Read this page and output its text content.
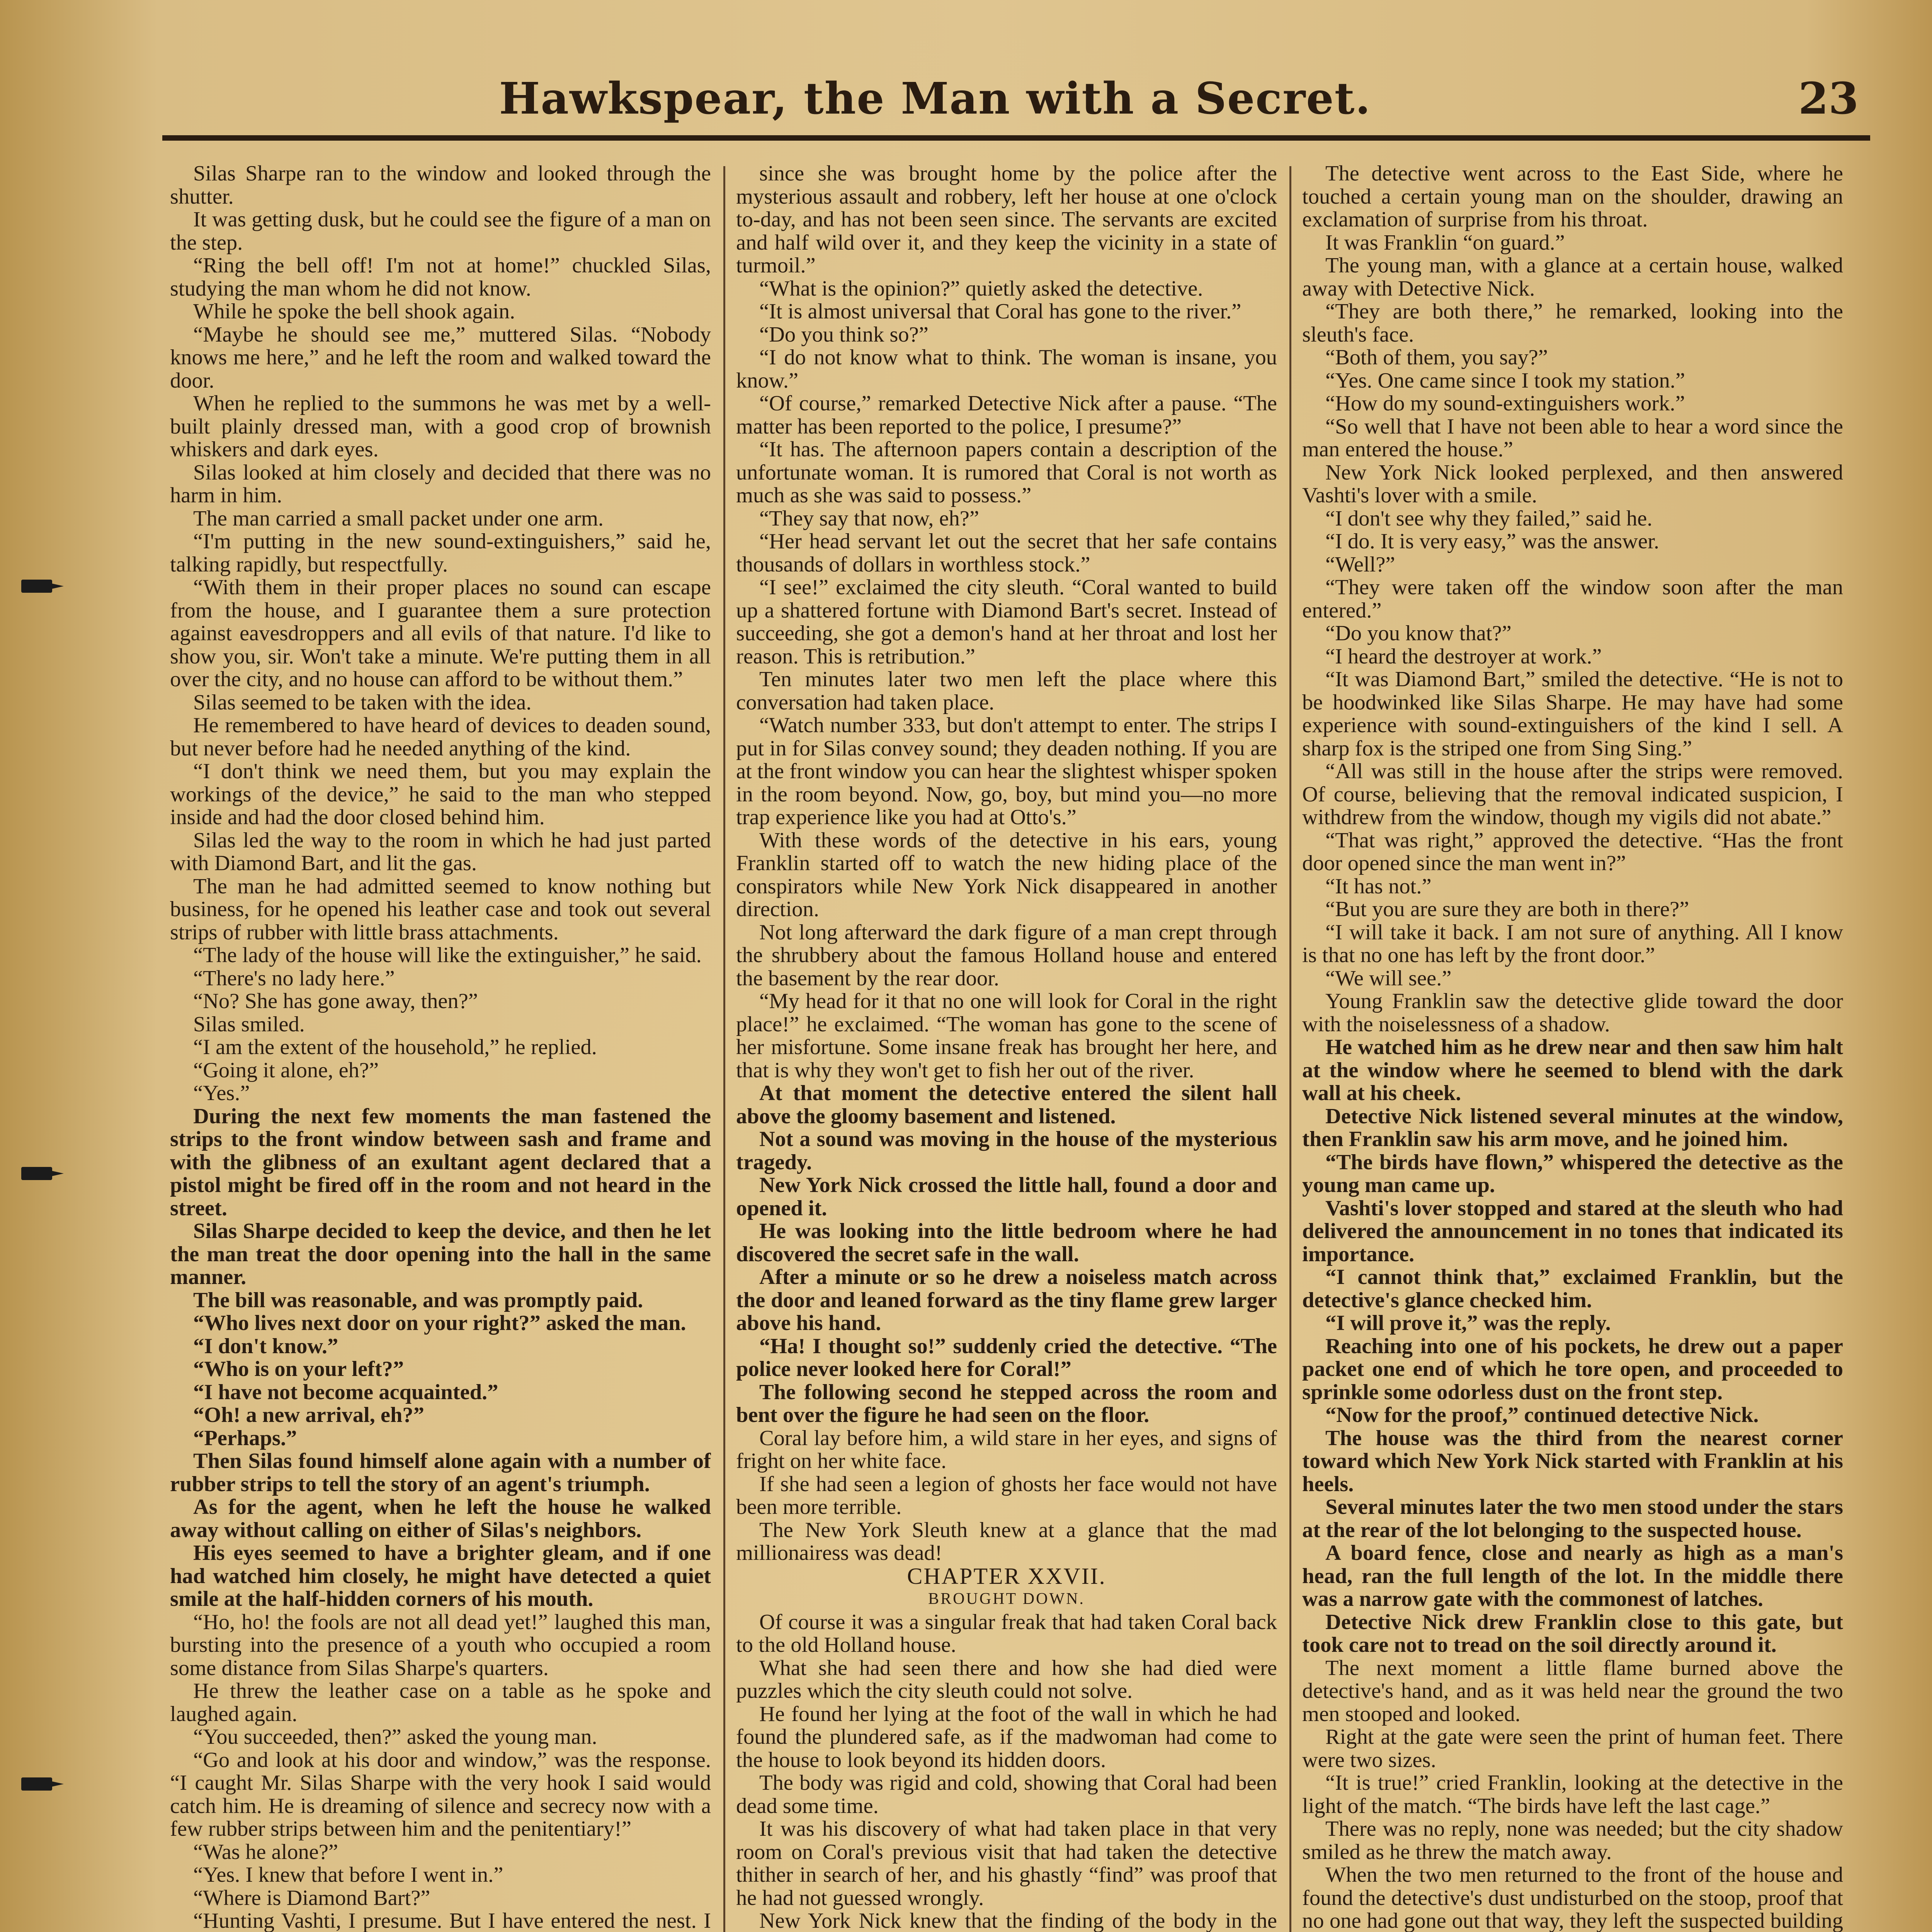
Hawkspear, the Man with a Secret.	23

Silas Sharpe ran to the window and looked through the shutter.

It was getting dusk, but he could see the figure of a man on the step.

“Ring the bell off! I'm not at home!” chuckled Silas, studying the man whom he did not know.

While he spoke the bell shook again.

“Maybe he should see me,” muttered Silas. “Nobody knows me here,” and he left the room and walked toward the door.

When he replied to the summons he was met by a well-built plainly dressed man, with a good crop of brownish whiskers and dark eyes.

Silas looked at him closely and decided that there was no harm in him.

The man carried a small packet under one arm.

“I'm putting in the new sound-extinguishers,” said he, talking rapidly, but respectfully.

“With them in their proper places no sound can escape from the house, and I guarantee them a sure protection against eavesdroppers and all evils of that nature. I'd like to show you, sir. Won't take a minute. We're putting them in all over the city, and no house can afford to be without them.”

Silas seemed to be taken with the idea.

He remembered to have heard of devices to deaden sound, but never before had he needed anything of the kind.

“I don't think we need them, but you may explain the workings of the device,” he said to the man who stepped inside and had the door closed behind him.

Silas led the way to the room in which he had just parted with Diamond Bart, and lit the gas.

The man he had admitted seemed to know nothing but business, for he opened his leather case and took out several strips of rubber with little brass attachments.

“The lady of the house will like the extinguisher,” he said.

“There's no lady here.”

“No? She has gone away, then?”

Silas smiled.

“I am the extent of the household,” he replied.

“Going it alone, eh?”

“Yes.”

During the next few moments the man fastened the strips to the front window between sash and frame and with the glibness of an exultant agent declared that a pistol might be fired off in the room and not heard in the street.

Silas Sharpe decided to keep the device, and then he let the man treat the door opening into the hall in the same manner.

The bill was reasonable, and was promptly paid.

“Who lives next door on your right?” asked the man.

“I don't know.”

“Who is on your left?”

“I have not become acquainted.”

“Oh! a new arrival, eh?”

“Perhaps.”

Then Silas found himself alone again with a number of rubber strips to tell the story of an agent's triumph.

As for the agent, when he left the house he walked away without calling on either of Silas's neighbors.

His eyes seemed to have a brighter gleam, and if one had watched him closely, he might have detected a quiet smile at the half-hidden corners of his mouth.

“Ho, ho! the fools are not all dead yet!” laughed this man, bursting into the presence of a youth who occupied a room some distance from Silas Sharpe's quarters.

He threw the leather case on a table as he spoke and laughed again.

“You succeeded, then?” asked the young man.

“Go and look at his door and window,” was the response. “I caught Mr. Silas Sharpe with the very hook I said would catch him. He is dreaming of silence and secrecy now with a few rubber strips between him and the penitentiary!”

“Was he alone?”

“Yes. I knew that before I went in.”

“Where is Diamond Bart?”

“Hunting Vashti, I presume. But I have entered the nest. I

since she was brought home by the police after the mysterious assault and robbery, left her house at one o'clock to-day, and has not been seen since. The servants are excited and half wild over it, and they keep the vicinity in a state of turmoil.”

“What is the opinion?” quietly asked the detective.

“It is almost universal that Coral has gone to the river.”

“Do you think so?”

“I do not know what to think. The woman is insane, you know.”

“Of course,” remarked Detective Nick after a pause. “The matter has been reported to the police, I presume?”

“It has. The afternoon papers contain a description of the unfortunate woman. It is rumored that Coral is not worth as much as she was said to possess.”

“They say that now, eh?”

“Her head servant let out the secret that her safe contains thousands of dollars in worthless stock.”

“I see!” exclaimed the city sleuth. “Coral wanted to build up a shattered fortune with Diamond Bart's secret. Instead of succeeding, she got a demon's hand at her throat and lost her reason. This is retribution.”

Ten minutes later two men left the place where this conversation had taken place.

“Watch number 333, but don't attempt to enter. The strips I put in for Silas convey sound; they deaden nothing. If you are at the front window you can hear the slightest whisper spoken in the room beyond. Now, go, boy, but mind you—no more trap experience like you had at Otto's.”

With these words of the detective in his ears, young Franklin started off to watch the new hiding place of the conspirators while New York Nick disappeared in another direction.

Not long afterward the dark figure of a man crept through the shrubbery about the famous Holland house and entered the basement by the rear door.

“My head for it that no one will look for Coral in the right place!” he exclaimed. “The woman has gone to the scene of her misfortune. Some insane freak has brought her here, and that is why they won't get to fish her out of the river.

At that moment the detective entered the silent hall above the gloomy basement and listened.

Not a sound was moving in the house of the mysterious tragedy.

New York Nick crossed the little hall, found a door and opened it.

He was looking into the little bedroom where he had discovered the secret safe in the wall.

After a minute or so he drew a noiseless match across the door and leaned forward as the tiny flame grew larger above his hand.

“Ha! I thought so!” suddenly cried the detective. “The police never looked here for Coral!”

The following second he stepped across the room and bent over the figure he had seen on the floor.

Coral lay before him, a wild stare in her eyes, and signs of fright on her white face.

If she had seen a legion of ghosts her face would not have been more terrible.

The New York Sleuth knew at a glance that the mad millionairess was dead!

CHAPTER XXVII.

BROUGHT DOWN.

Of course it was a singular freak that had taken Coral back to the old Holland house.

What she had seen there and how she had died were puzzles which the city sleuth could not solve.

He found her lying at the foot of the wall in which he had found the plundered safe, as if the madwoman had come to the house to look beyond its hidden doors.

The body was rigid and cold, showing that Coral had been dead some time.

It was his discovery of what had taken place in that very room on Coral's previous visit that had taken the detective thither in search of her, and his ghastly “find” was proof that he had not guessed wrongly.

New York Nick knew that the finding of the body in the

The detective went across to the East Side, where he touched a certain young man on the shoulder, drawing an exclamation of surprise from his throat.

It was Franklin “on guard.”

The young man, with a glance at a certain house, walked away with Detective Nick.

“They are both there,” he remarked, looking into the sleuth's face.

“Both of them, you say?”

“Yes. One came since I took my station.”

“How do my sound-extinguishers work.”

“So well that I have not been able to hear a word since the man entered the house.”

New York Nick looked perplexed, and then answered Vashti's lover with a smile.

“I don't see why they failed,” said he.

“I do. It is very easy,” was the answer.

“Well?”

“They were taken off the window soon after the man entered.”

“Do you know that?”

“I heard the destroyer at work.”

“It was Diamond Bart,” smiled the detective. “He is not to be hoodwinked like Silas Sharpe. He may have had some experience with sound-extinguishers of the kind I sell. A sharp fox is the striped one from Sing Sing.”

“All was still in the house after the strips were removed. Of course, believing that the removal indicated suspicion, I withdrew from the window, though my vigils did not abate.”

“That was right,” approved the detective. “Has the front door opened since the man went in?”

“It has not.”

“But you are sure they are both in there?”

“I will take it back. I am not sure of anything. All I know is that no one has left by the front door.”

“We will see.”

Young Franklin saw the detective glide toward the door with the noiselessness of a shadow.

He watched him as he drew near and then saw him halt at the window where he seemed to blend with the dark wall at his cheek.

Detective Nick listened several minutes at the window, then Franklin saw his arm move, and he joined him.

“The birds have flown,” whispered the detective as the young man came up.

Vashti's lover stopped and stared at the sleuth who had delivered the announcement in no tones that indicated its importance.

“I cannot think that,” exclaimed Franklin, but the detective's glance checked him.

“I will prove it,” was the reply.

Reaching into one of his pockets, he drew out a paper packet one end of which he tore open, and proceeded to sprinkle some odorless dust on the front step.

“Now for the proof,” continued detective Nick.

The house was the third from the nearest corner toward which New York Nick started with Franklin at his heels.

Several minutes later the two men stood under the stars at the rear of the lot belonging to the suspected house.

A board fence, close and nearly as high as a man's head, ran the full length of the lot. In the middle there was a narrow gate with the commonest of latches.

Detective Nick drew Franklin close to this gate, but took care not to tread on the soil directly around it.

The next moment a little flame burned above the detective's hand, and as it was held near the ground the two men stooped and looked.

Right at the gate were seen the print of human feet. There were two sizes.

“It is true!” cried Franklin, looking at the detective in the light of the match. “The birds have left the last cage.”

There was no reply, none was needed; but the city shadow smiled as he threw the match away.

When the two men returned to the front of the house and found the detective's dust undisturbed on the stoop, proof that no one had gone out that way, they left the suspected building
